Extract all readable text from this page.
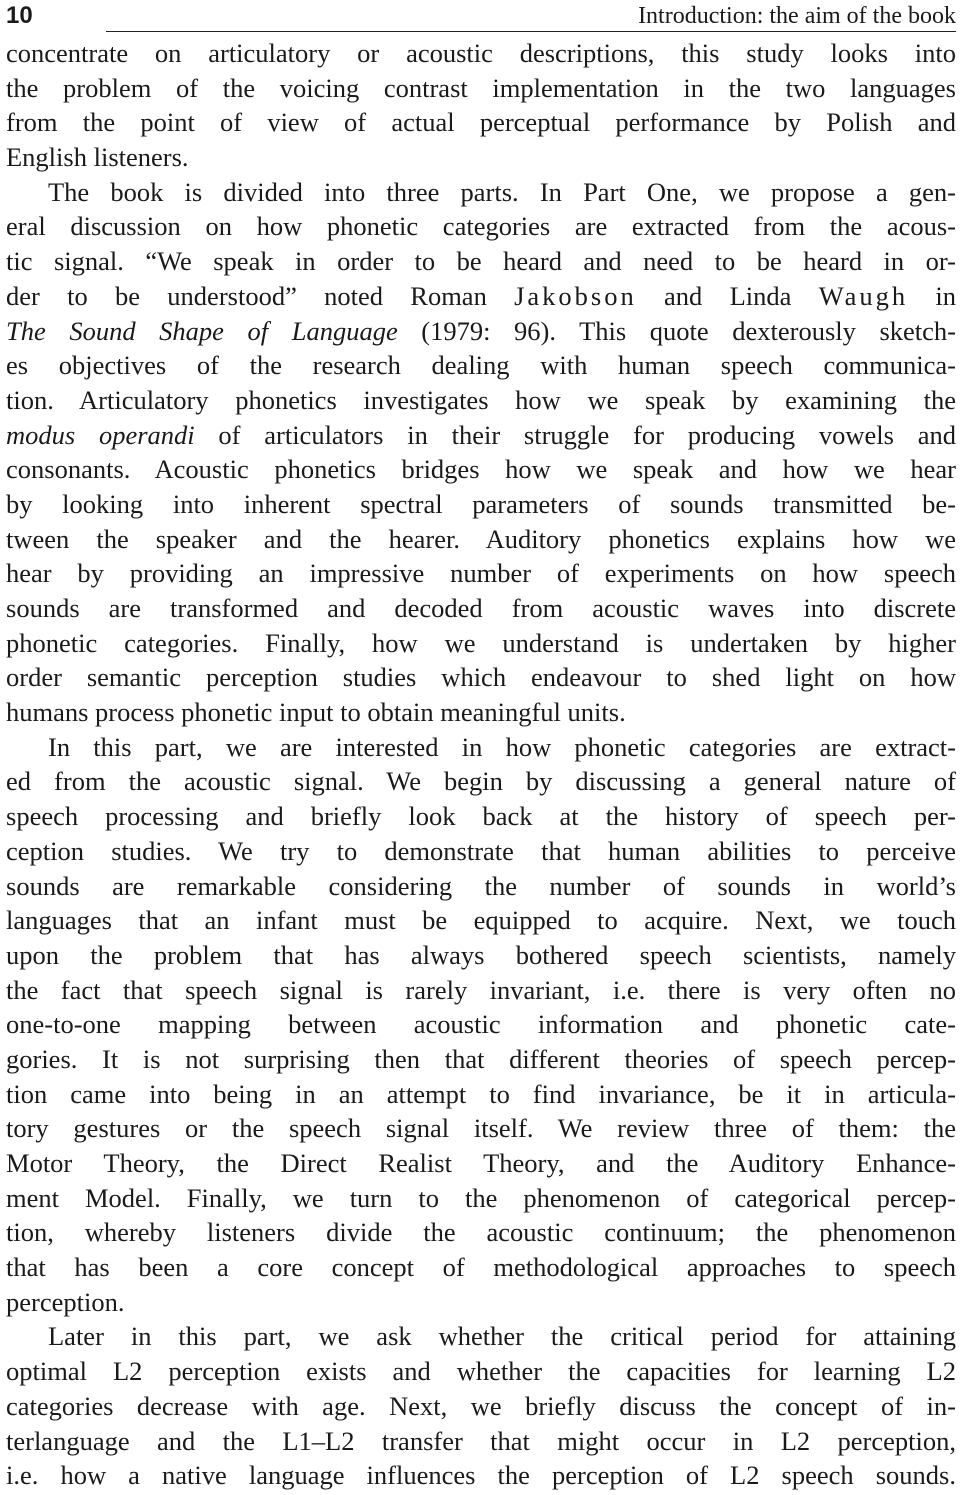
10	Introduction: the aim of the book
concentrate on articulatory or acoustic descriptions, this study looks into
the problem of the voicing contrast implementation in the two languages
from the point of view of actual perceptual performance by Polish and
English listeners.
The book is divided into three parts. In Part One, we propose a gen-
eral discussion on how phonetic categories are extracted from the acous-
tic signal. “We speak in order to be heard and need to be heard in or-
der to be understood” noted Roman Jakobson and Linda Waugh in
The Sound Shape of Language (1979: 96). This quote dexterously sketch-
es objectives of the research dealing with human speech communica-
tion. Articulatory phonetics investigates how we speak by examining the
modus operandi of articulators in their struggle for producing vowels and
consonants. Acoustic phonetics bridges how we speak and how we hear
by looking into inherent spectral parameters of sounds transmitted be-
tween the speaker and the hearer. Auditory phonetics explains how we
hear by providing an impressive number of experiments on how speech
sounds are transformed and decoded from acoustic waves into discrete
phonetic categories. Finally, how we understand is undertaken by higher
order semantic perception studies which endeavour to shed light on how
humans process phonetic input to obtain meaningful units.
In this part, we are interested in how phonetic categories are extract-
ed from the acoustic signal. We begin by discussing a general nature of
speech processing and briefly look back at the history of speech per-
ception studies. We try to demonstrate that human abilities to perceive
sounds are remarkable considering the number of sounds in world’s
languages that an infant must be equipped to acquire. Next, we touch
upon the problem that has always bothered speech scientists, namely
the fact that speech signal is rarely invariant, i.e. there is very often no
one-to-one mapping between acoustic information and phonetic cate-
gories. It is not surprising then that different theories of speech percep-
tion came into being in an attempt to find invariance, be it in articula-
tory gestures or the speech signal itself. We review three of them: the
Motor Theory, the Direct Realist Theory, and the Auditory Enhance-
ment Model. Finally, we turn to the phenomenon of categorical percep-
tion, whereby listeners divide the acoustic continuum; the phenomenon
that has been a core concept of methodological approaches to speech
perception.
Later in this part, we ask whether the critical period for attaining
optimal L2 perception exists and whether the capacities for learning L2
categories decrease with age. Next, we briefly discuss the concept of in-
terlanguage and the L1–L2 transfer that might occur in L2 perception,
i.e. how a native language influences the perception of L2 speech sounds.
